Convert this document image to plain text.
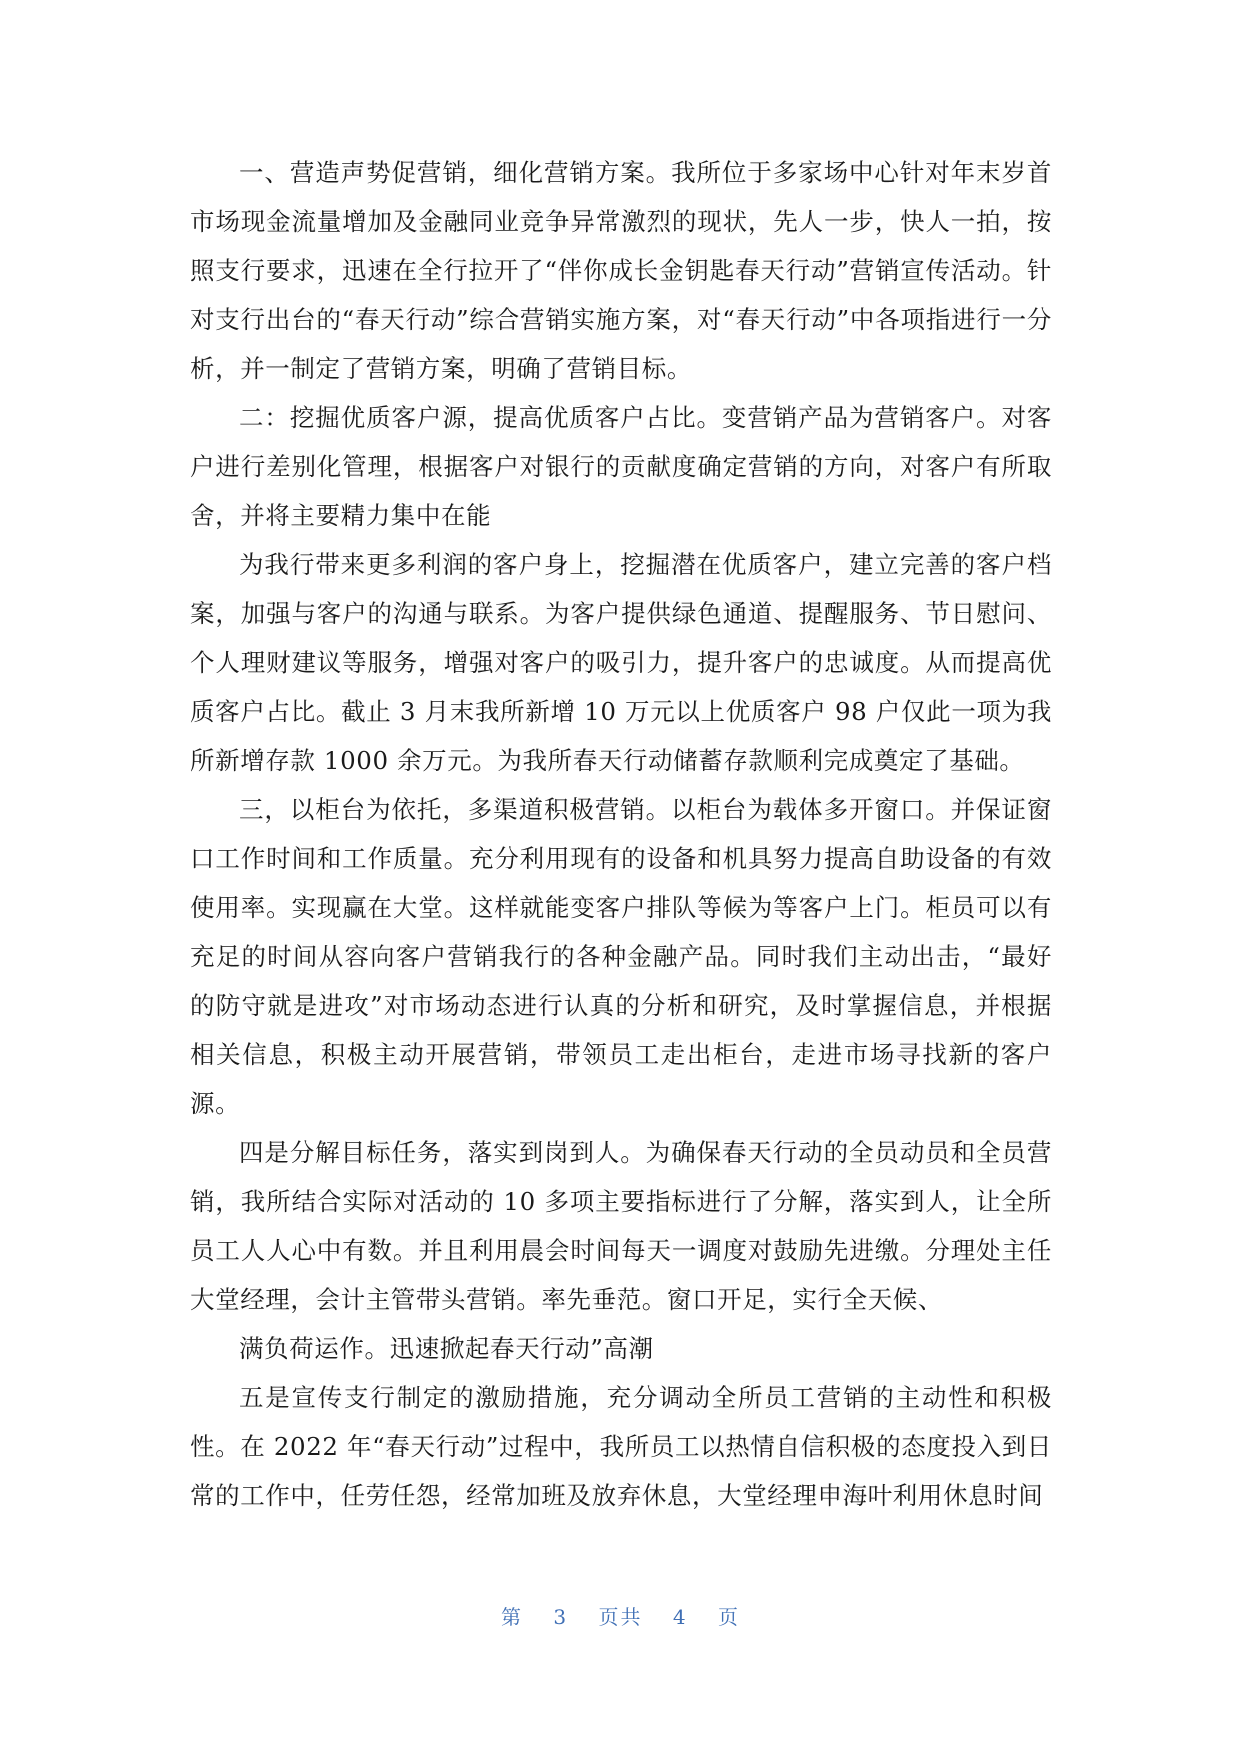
一、营造声势促营销，细化营销方案。我所位于多家场中心针对年末岁首市场现金流量增加及金融同业竞争异常激烈的现状，先人一步，快人一拍，按照支行要求，迅速在全行拉开了“伴你成长金钥匙春天行动”营销宣传活动。针对支行出台的“春天行动”综合营销实施方案，对“春天行动”中各项指进行一分析，并一制定了营销方案，明确了营销目标。

二：挖掘优质客户源，提高优质客户占比。变营销产品为营销客户。对客户进行差别化管理，根据客户对银行的贡献度确定营销的方向，对客户有所取舍，并将主要精力集中在能

为我行带来更多利润的客户身上，挖掘潜在优质客户，建立完善的客户档案，加强与客户的沟通与联系。为客户提供绿色通道、提醒服务、节日慰问、个人理财建议等服务，增强对客户的吸引力，提升客户的忠诚度。从而提高优质客户占比。截止 3 月末我所新增 10 万元以上优质客户 98 户仅此一项为我所新增存款 1000 余万元。为我所春天行动储蓄存款顺利完成奠定了基础。

三，以柜台为依托，多渠道积极营销。以柜台为载体多开窗口。并保证窗口工作时间和工作质量。充分利用现有的设备和机具努力提高自助设备的有效使用率。实现赢在大堂。这样就能变客户排队等候为等客户上门。柜员可以有充足的时间从容向客户营销我行的各种金融产品。同时我们主动出击，“最好的防守就是进攻”对市场动态进行认真的分析和研究，及时掌握信息，并根据相关信息，积极主动开展营销，带领员工走出柜台，走进市场寻找新的客户源。

四是分解目标任务，落实到岗到人。为确保春天行动的全员动员和全员营销，我所结合实际对活动的 10 多项主要指标进行了分解，落实到人，让全所员工人人心中有数。并且利用晨会时间每天一调度对鼓励先进缴。分理处主任大堂经理，会计主管带头营销。率先垂范。窗口开足，实行全天候、

满负荷运作。迅速掀起春天行动”高潮

五是宣传支行制定的激励措施，充分调动全所员工营销的主动性和积极性。在 2022 年“春天行动”过程中，我所员工以热情自信积极的态度投入到日常的工作中，任劳任怨，经常加班及放弃休息，大堂经理申海叶利用休息时间

第 3 页共 4 页
